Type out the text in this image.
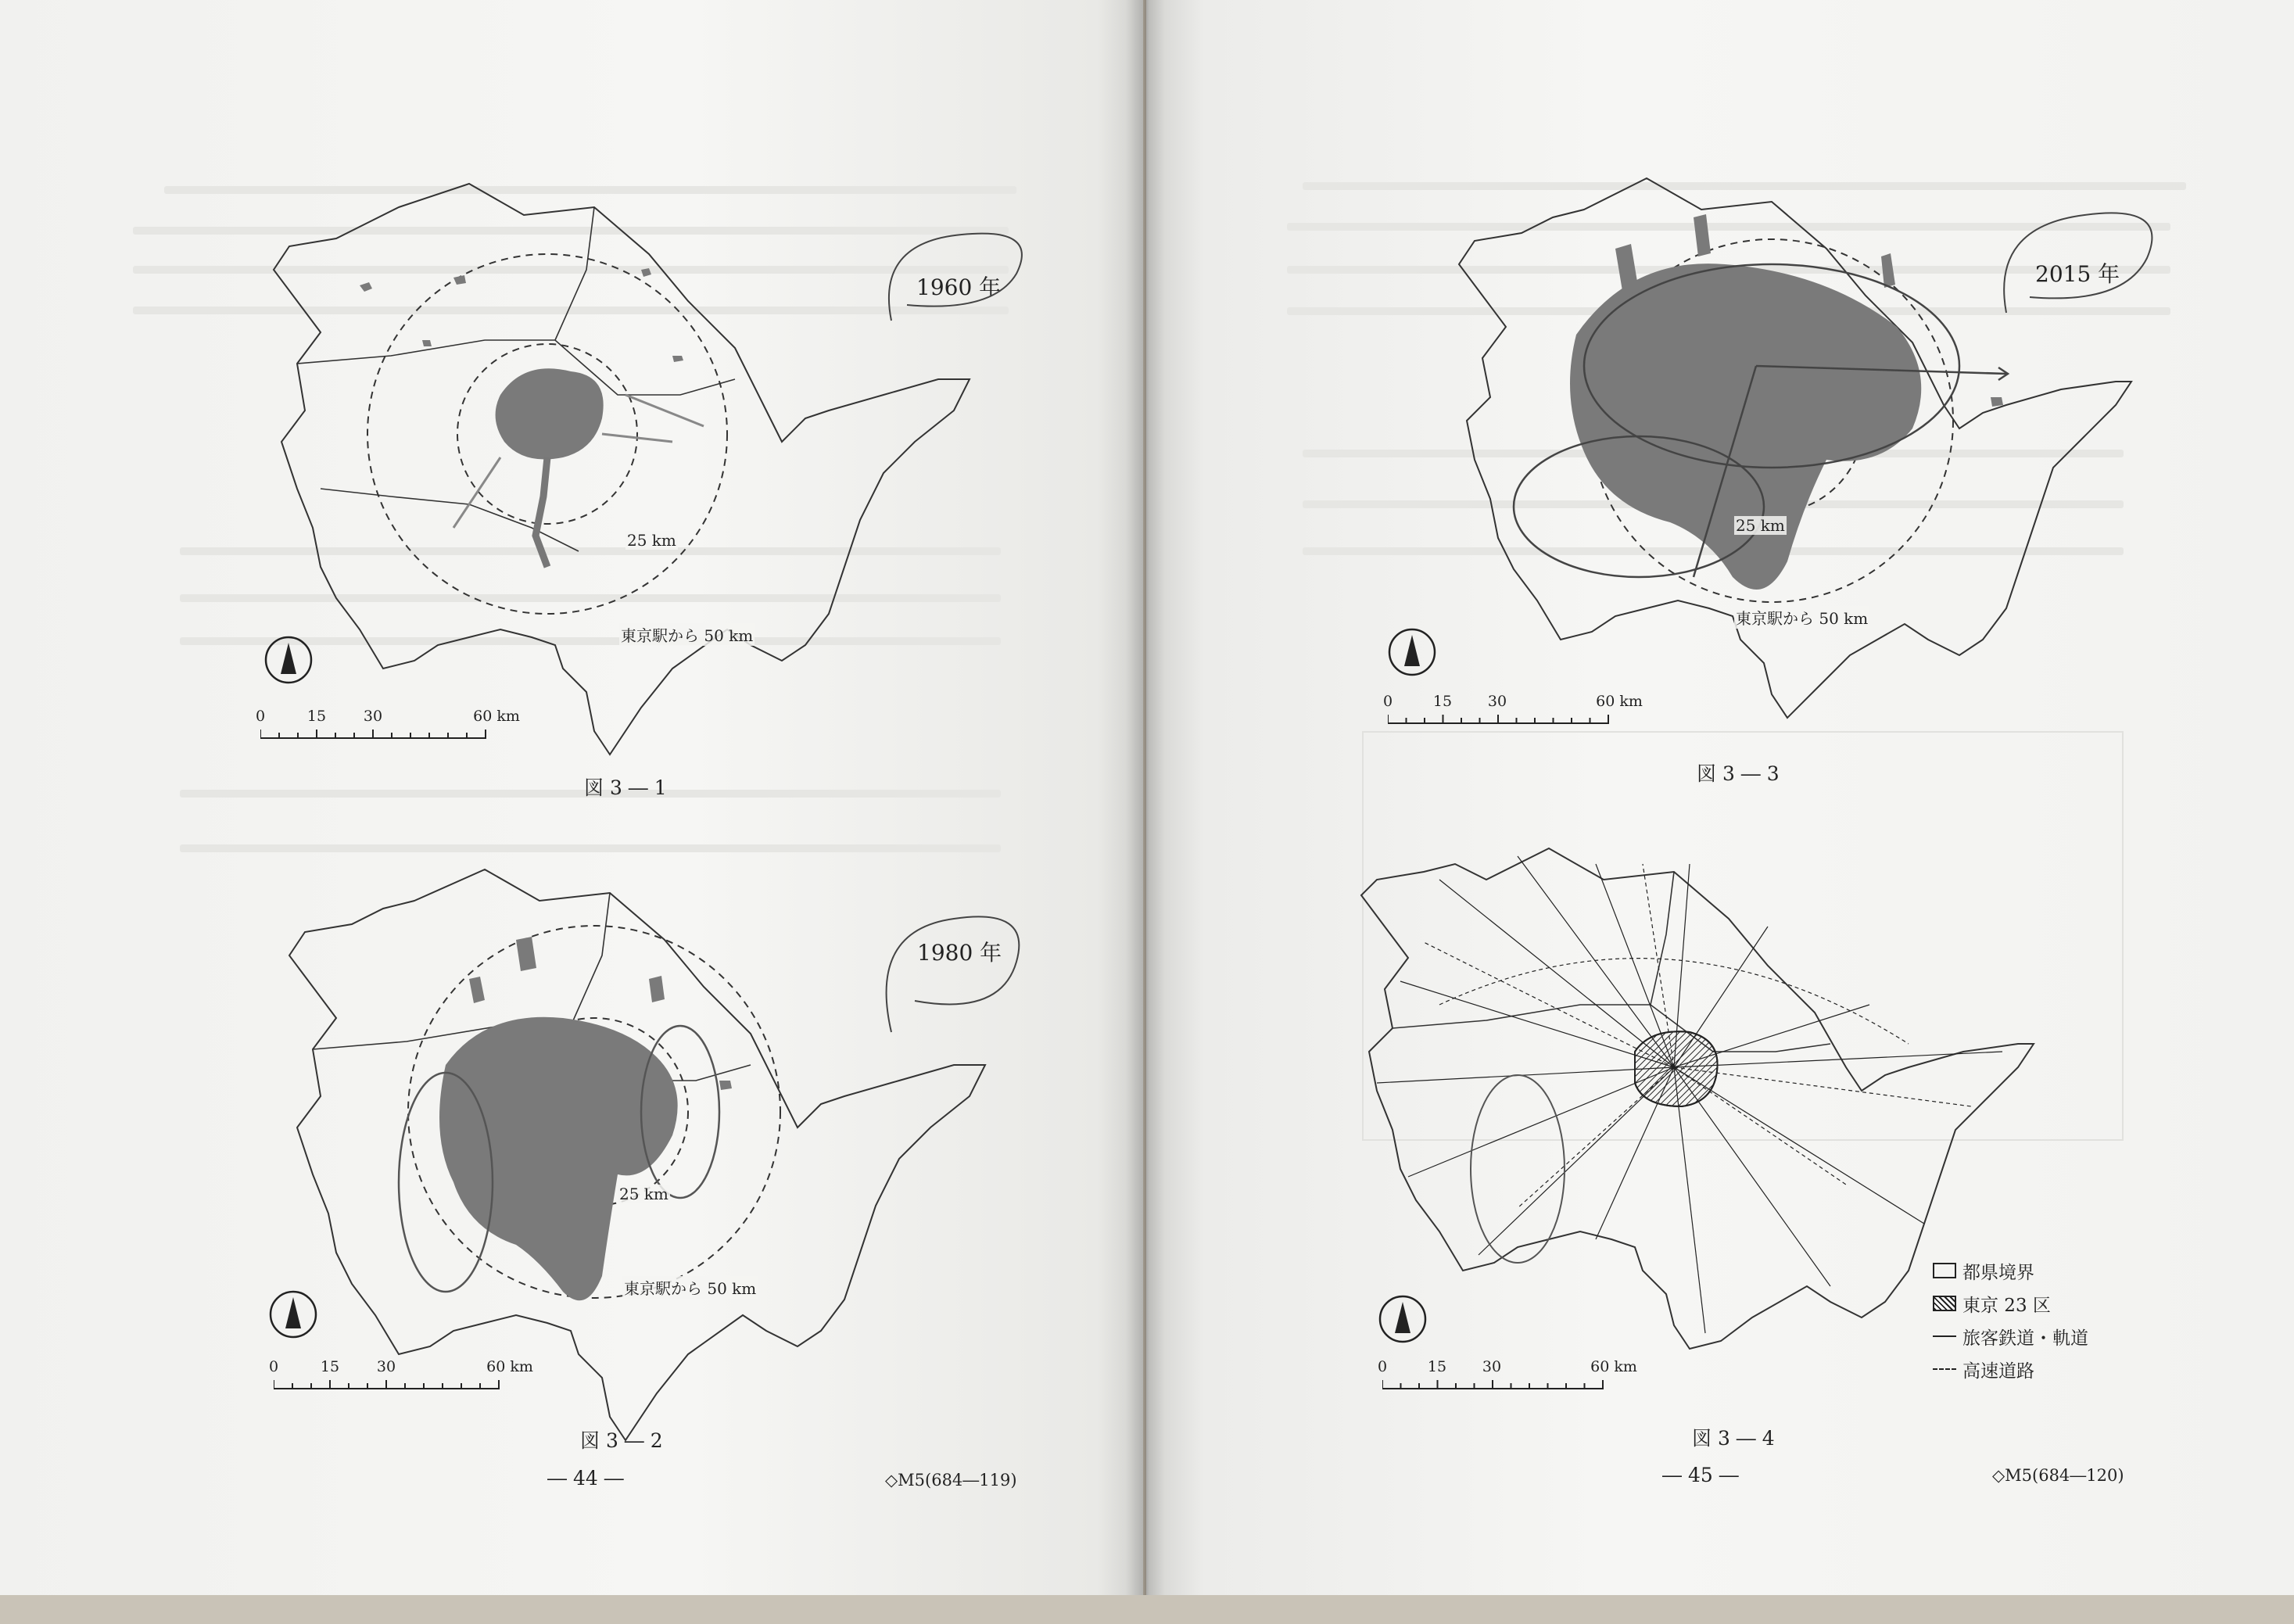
1960 年
25 km
東京駅から 50 km
0	15	30	60 km
図 3 ― 1
1980 年
25 km
東京駅から 50 km
0	15	30	60 km
図 3 ― 2
― 44 ―	◇M5(684―119)
2015 年
25 km
東京駅から 50 km
0	15 30	60 km
図 3 ― 3
0	15 30	60 km
都県境界
東京 23 区
旅客鉄道・軌道
高速道路
図 3 ― 4
― 45 ―	◇M5(684―120)
